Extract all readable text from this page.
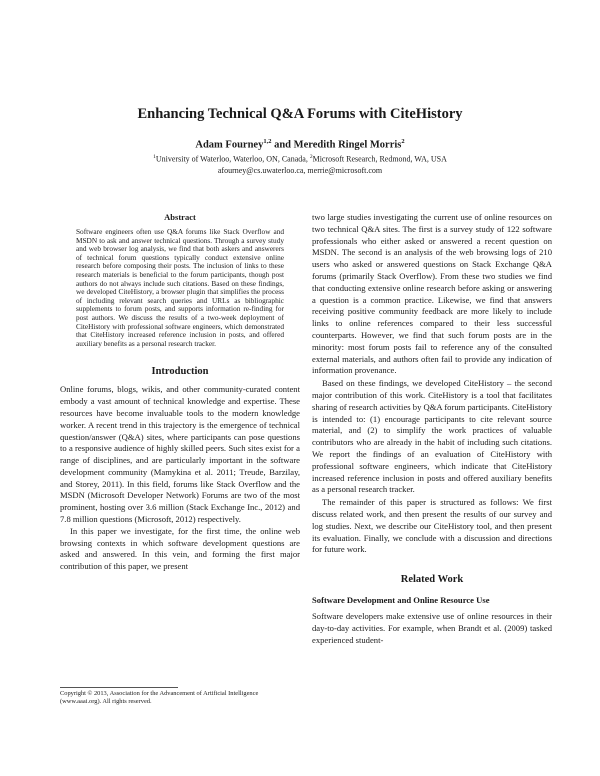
Enhancing Technical Q&A Forums with CiteHistory
Adam Fourney$^{1,2}$ and Meredith Ringel Morris$^2$
$^1$University of Waterloo, Waterloo, ON, Canada, $^2$Microsoft Research, Redmond, WA, USA
afourney@cs.uwaterloo.ca, merrie@microsoft.com
Abstract

Software engineers often use Q&A forums like Stack Overflow and MSDN to ask and answer technical questions. Through a survey study and web browser log analysis, we find that both askers and answerers of technical forum questions typically conduct extensive online research before composing their posts. The inclusion of links to these research materials is beneficial to the forum participants, though post authors do not always include such citations. Based on these findings, we developed CiteHistory, a browser plugin that simplifies the process of including relevant search queries and URLs as bibliographic supplements to forum posts, and supports information re-finding for post authors. We discuss the results of a two-week deployment of CiteHistory with professional software engineers, which demonstrated that CiteHistory increased reference inclusion in posts, and offered auxiliary benefits as a personal research tracker.

Introduction

Online forums, blogs, wikis, and other community-curated content embody a vast amount of technical knowledge and expertise. These resources have become invaluable tools to the modern knowledge worker. A recent trend in this trajectory is the emergence of technical question/answer (Q&A) sites, where participants can pose questions to a responsive audience of highly skilled peers. Such sites exist for a range of disciplines, and are particularly important in the software development community (Mamykina et al. 2011; Treude, Barzilay, and Storey, 2011). In this field, forums like Stack Overflow and the MSDN (Microsoft Developer Network) Forums are two of the most prominent, hosting over 3.6 million (Stack Exchange Inc., 2012) and 7.8 million questions (Microsoft, 2012) respectively.

In this paper we investigate, for the first time, the online web browsing contexts in which software development questions are asked and answered. In this vein, and forming the first major contribution of this paper, we present

two large studies investigating the current use of online resources on two technical Q&A sites. The first is a survey study of 122 software professionals who either asked or answered a recent question on MSDN. The second is an analysis of the web browsing logs of 210 users who asked or answered questions on Stack Exchange Q&A forums (primarily Stack Overflow). From these two studies we find that conducting extensive online research before asking or answering a question is a common practice. Likewise, we find that answers receiving positive community feedback are more likely to include links to online references compared to their less successful counterparts. However, we find that such forum posts are in the minority: most forum posts fail to reference any of the consulted external materials, and authors often fail to provide any indication of information provenance.

Based on these findings, we developed CiteHistory – the second major contribution of this work. CiteHistory is a tool that facilitates sharing of research activities by Q&A forum participants. CiteHistory is intended to: (1) encourage participants to cite relevant source material, and (2) to simplify the work practices of valuable contributors who are already in the habit of including such citations. We report the findings of an evaluation of CiteHistory with professional software engineers, which indicate that CiteHistory increased reference inclusion in posts and offered auxiliary benefits as a personal research tracker.

The remainder of this paper is structured as follows: We first discuss related work, and then present the results of our survey and log studies. Next, we describe our CiteHistory tool, and then present its evaluation. Finally, we conclude with a discussion and directions for future work.

Related Work
Software Development and Online Resource Use

Software developers make extensive use of online resources in their day-to-day activities. For example, when Brandt et al. (2009) tasked experienced student-

Copyright © 2013, Association for the Advancement of Artificial Intelligence (www.aaai.org). All rights reserved.
